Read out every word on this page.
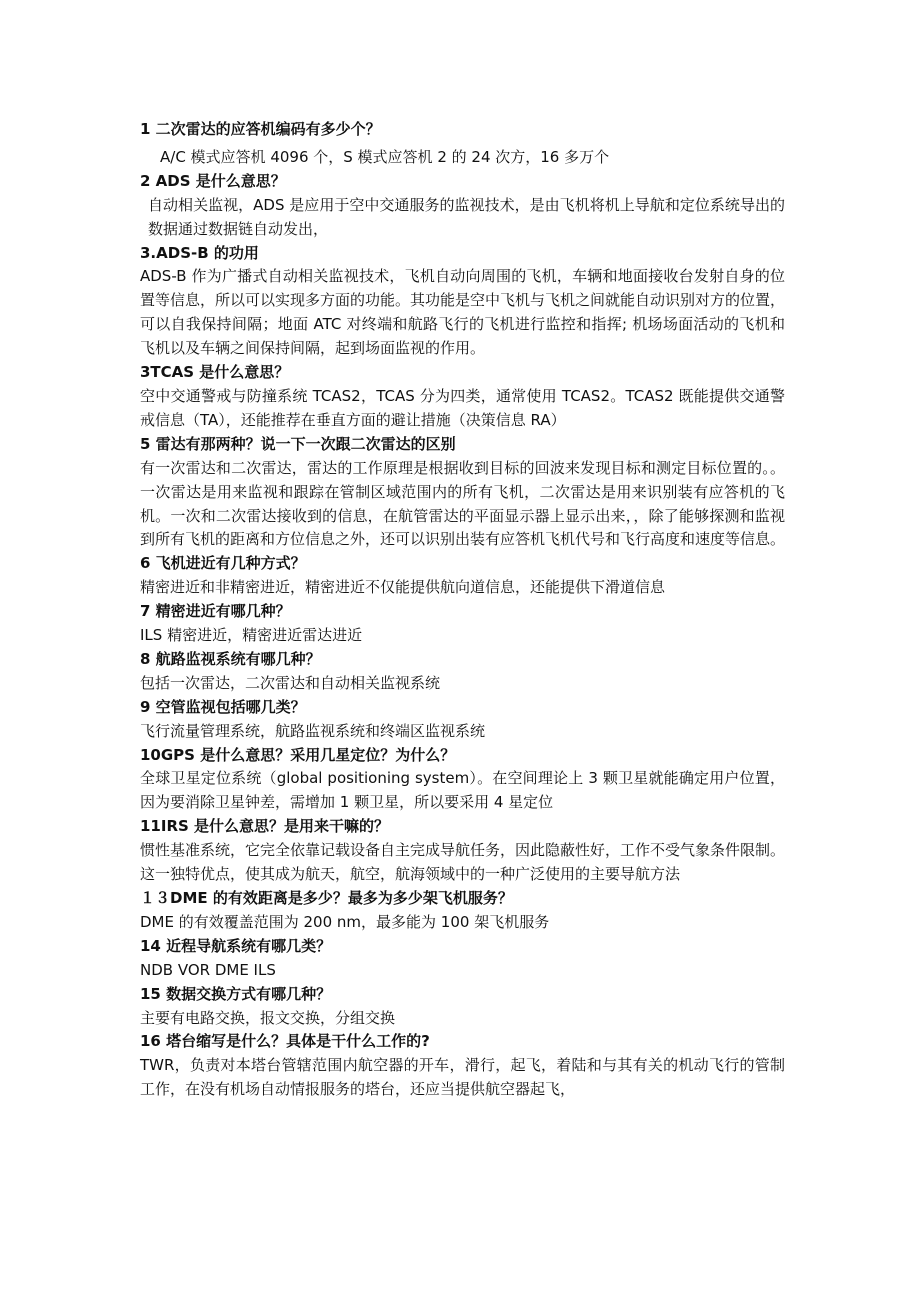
1 二次雷达的应答机编码有多少个？

A/C 模式应答机 4096 个，S 模式应答机 2 的 24 次方，16 多万个

2 ADS 是什么意思？

自动相关监视，ADS 是应用于空中交通服务的监视技术，是由飞机将机上导航和定位系统导出的数据通过数据链自动发出，

3.ADS-B 的功用

ADS-B 作为广播式自动相关监视技术，飞机自动向周围的飞机，车辆和地面接收台发射自身的位置等信息，所以可以实现多方面的功能。其功能是空中飞机与飞机之间就能自动识别对方的位置，可以自我保持间隔；地面 ATC 对终端和航路飞行的飞机进行监控和指挥; 机场场面活动的飞机和飞机以及车辆之间保持间隔，起到场面监视的作用。

3TCAS 是什么意思？

空中交通警戒与防撞系统 TCAS2，TCAS 分为四类，通常使用 TCAS2。TCAS2 既能提供交通警戒信息（TA），还能推荐在垂直方面的避让措施（决策信息 RA）

5 雷达有那两种？说一下一次跟二次雷达的区别

有一次雷达和二次雷达，雷达的工作原理是根据收到目标的回波来发现目标和测定目标位置的。。一次雷达是用来监视和跟踪在管制区域范围内的所有飞机，二次雷达是用来识别装有应答机的飞机。一次和二次雷达接收到的信息，在航管雷达的平面显示器上显示出来，，除了能够探测和监视到所有飞机的距离和方位信息之外，还可以识别出装有应答机飞机代号和飞行高度和速度等信息。

6 飞机进近有几种方式？

精密进近和非精密进近，精密进近不仅能提供航向道信息，还能提供下滑道信息

7 精密进近有哪几种？

ILS 精密进近，精密进近雷达进近

8 航路监视系统有哪几种？

包括一次雷达，二次雷达和自动相关监视系统

9 空管监视包括哪几类？

飞行流量管理系统，航路监视系统和终端区监视系统

10GPS 是什么意思？采用几星定位？为什么？

全球卫星定位系统（global positioning system）。在空间理论上 3 颗卫星就能确定用户位置，因为要消除卫星钟差，需增加 1 颗卫星，所以要采用 4 星定位

11IRS 是什么意思？是用来干嘛的？

惯性基准系统，它完全依靠记载设备自主完成导航任务，因此隐蔽性好，工作不受气象条件限制。这一独特优点，使其成为航天，航空，航海领域中的一种广泛使用的主要导航方法

１３DME 的有效距离是多少？最多为多少架飞机服务？

DME 的有效覆盖范围为 200 nm，最多能为 100 架飞机服务

14 近程导航系统有哪几类？

NDB VOR DME ILS

15 数据交换方式有哪几种？

主要有电路交换，报文交换，分组交换

16 塔台缩写是什么？具体是干什么工作的?

TWR，负责对本塔台管辖范围内航空器的开车，滑行，起飞，着陆和与其有关的机动飞行的管制工作，在没有机场自动情报服务的塔台，还应当提供航空器起飞，
